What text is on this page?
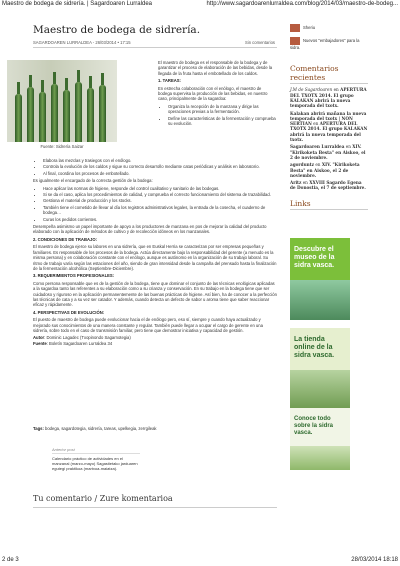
Maestro de bodega de sidrería. | Sagardoaren Lurraldea	http://www.sagardoarenlurraldea.com/blog/2014/03/maestro-de-bodeg...
Maestro de bodega de sidrería.
SAGARDOAREN LURRALDEA - 26/03/2014 • 17:15	Sin comentarios
Fuente: Sidrería Saizar

El maestro de bodega es el responsable de la bodega y de garantizar el proceso de elaboración de las bebidas, desde la llegada de la fruta hasta el embotellado de los caldos.

1. TAREAS:

En estrecha colaboración con el enólogo, el maestro de bodega supervisa la producción de las bebidas, en nuestro caso, principalmente de la sagardoa:

• Organiza la recepción de la manzana y dirige las operaciones previas a la fermentación.
• Define las características de la fermentación y comprueba su evolución.
• Elabora las mezclas y trasiegos con el enólogo.
• Controla la evolución de los caldos y sigue su correcto desarrollo mediante catas periódicas y análisis en laboratorio.
• Al final, coordina los procesos de embotellado.

Es igualmente el encargado de la correcta gestión de la bodega:

• Hace aplicar las normas de higiene, responde del control cualitativo y sanitario de las bodegas.
• Si se da el caso, aplica los procedimientos de calidad, y comprueba el correcto funcionamiento del sistema de trazabilidad.
• Gestiona el material de producción y los stocks.
• También tiene el cometido de llevar al día los registros administrativos legales, la entrada de la cosecha, el cuaderno de bodega…
• Curas los pedidos corrientes.

Desempeña asimismo un papel importante de apoyo a los productores de manzana en pos de mejorar la calidad del producto elaborado con la aplicación de métodos de cultivo y de recolección idóneos en los manzanales.

2. CONDICIONES DE TRABAJO:

El maestro de bodega ejerce su labores en una sidrería, que en Euskal Herria se caracterizan por ser empresas pequeñas y familiares. Es responsable de los procesos de la bodega. Actúa directamente bajo la responsabilidad del gerente (a menudo es la misma persona) y en colaboración constante con el enólogo, aunque es autónomo en la organización de su trabajo laboral. Su ritmo de trabajo varía según las estaciones del año, siendo de gran intensidad desde la campaña del prensado hasta la finalización de la fermentación alcohólica (Septiembre-Diciembre).

3. REQUERIMIENTOS PROFESIONALES:

Como persona responsable que es de la gestión de la bodega, tiene que dominar el conjunto de las técnicas enológicas aplicadas a la sagardoa tanto las referentes a su elaboración como a su crianza y conservación. En su trabajo en la bodega tiene que ser cuidadoso y riguroso en la aplicación permanentemente de las buenas prácticas de higiene. Así bien, ha de conocer a la perfección las técnicas de cata y a su vez ser catador. Y además, cuando detecta un defecto de sabor u aroma tiene que saber reaccionar eficaz y rápidamente.

4. PERSPECTIVAS DE EVOLUCIÓN:

El puesto de maestro de bodega puede evolucionar hacia el de enólogo pero, eso sí, siempre y cuando haya actualizado y mejorado sus conocimientos de una manera constante y regular. También puede llegar a ocupar el cargo de gerente en una sidrería, sobre todo en el caso de transmisión familiar, pero tiene que demostrar iniciativa y capacidad de gestión.

Autor: Dominic Lagadec (Txopinondo Sagarnotegia)
Fuente: Boletín Sagardoaren Lurraldea 34

Tags: bodega, sagardotegia, sidrería, tareas, upelkegia, zerrgileak
Anterior post
Calendario práctico de actividades en el manzanal (marzo-mayo) Sagastietako jarduaren egutegi praktikoa (martxoa-maiatza).
Tu comentario / Zure komentarioa
Sheriu
Nuevos "embajadores" para la sidra.
Comentarios recientes
J.M de Sagardoaren en APERTURA DEL TXOTX 2014. El grupo KALAKAN abrirá la nueva temporada del txotx.
Kalakan abrirá mañana la nueva temporada del txotx | NON SERTIAN en APERTURA DEL TXOTX 2014. El grupo KALAKAN abrirá la nueva temporada del txotx.
Sagardoaren Lurraldea en XIV. "Kirikoketa Besta" en Aiskoo, el 2 de noviembre.
agorduntz en XIV. "Kirikoketa Besta" en Aiskoo, el 2 de noviembre.
Aritz en XXVIII Sagardo Egena de Donostia, el 7 de septiembre.
Links
Descubre el museo de la sidra vasca.
La tienda online de la sidra vasca.
Conoce todo sobre la sidra vasca.
2 de 3	28/03/2014 18:18
